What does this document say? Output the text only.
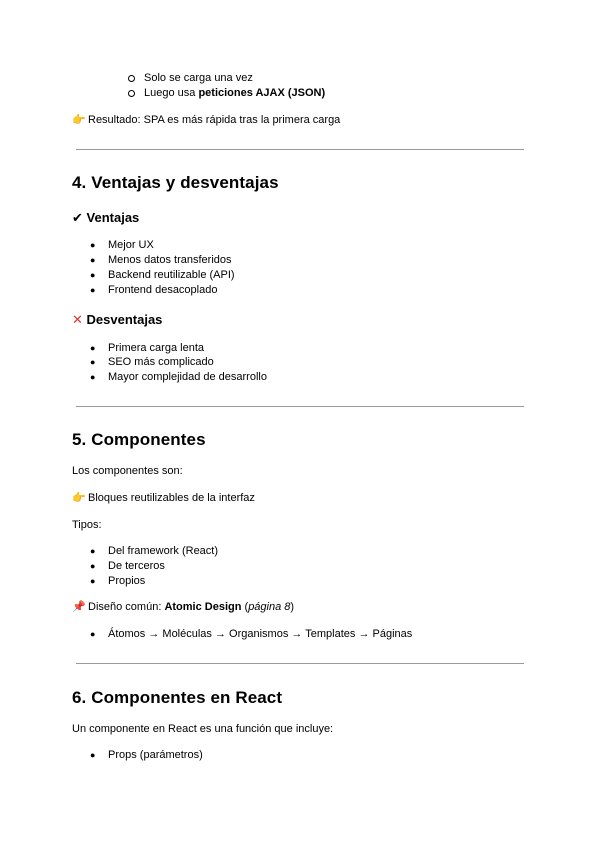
Solo se carga una vez
Luego usa peticiones AJAX (JSON)
👉 Resultado: SPA es más rápida tras la primera carga
4. Ventajas y desventajas
✔ Ventajas
● Mejor UX
● Menos datos transferidos
● Backend reutilizable (API)
● Frontend desacoplado
✕ Desventajas
● Primera carga lenta
● SEO más complicado
● Mayor complejidad de desarrollo
5. Componentes
Los componentes son:
👉 Bloques reutilizables de la interfaz
Tipos:
● Del framework (React)
● De terceros
● Propios
📌 Diseño común: Atomic Design (página 8)
● Átomos → Moléculas → Organismos → Templates → Páginas
6. Componentes en React
Un componente en React es una función que incluye:
● Props (parámetros)
